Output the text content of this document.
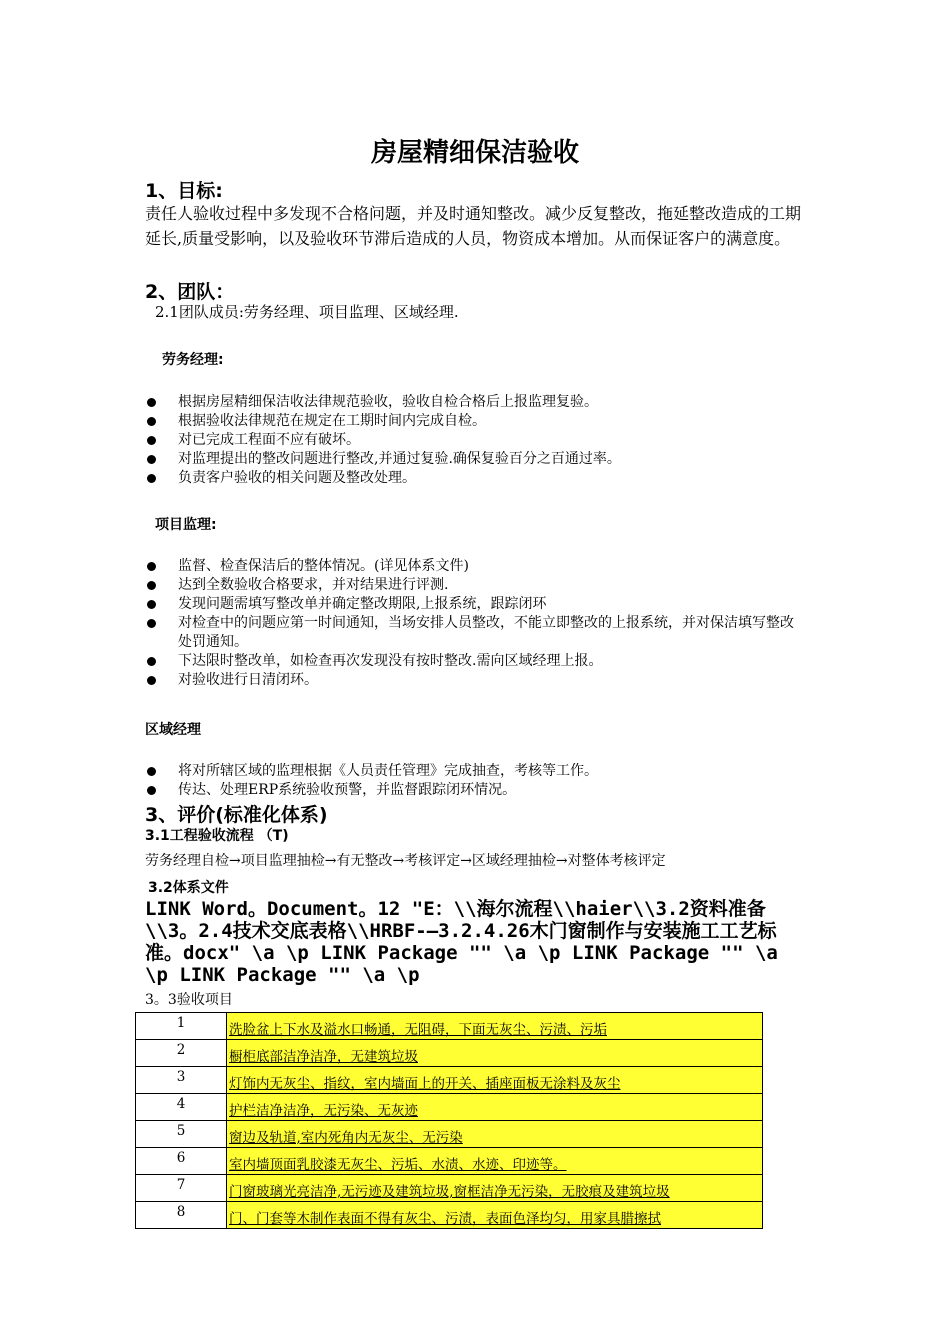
房屋精细保洁验收
1、目标:
责任人验收过程中多发现不合格问题，并及时通知整改。减少反复整改，拖延整改造成的工期延长,质量受影响，以及验收环节滞后造成的人员，物资成本增加。从而保证客户的满意度。
2、团队：
2.1团队成员:劳务经理、项目监理、区域经理.
劳务经理:
根据房屋精细保洁收法律规范验收，验收自检合格后上报监理复验。
根据验收法律规范在规定在工期时间内完成自检。
对已完成工程面不应有破坏。
对监理提出的整改问题进行整改,并通过复验.确保复验百分之百通过率。
负责客户验收的相关问题及整改处理。
项目监理:
监督、检查保洁后的整体情况。(详见体系文件)
达到全数验收合格要求，并对结果进行评测.
发现问题需填写整改单并确定整改期限,上报系统，跟踪闭环
对检查中的问题应第一时间通知，当场安排人员整改，不能立即整改的上报系统，并对保洁填写整改处罚通知。
下达限时整改单，如检查再次发现没有按时整改.需向区域经理上报。
对验收进行日清闭环。
区域经理
将对所辖区域的监理根据《人员责任管理》完成抽查，考核等工作。
传达、处理ERP系统验收预警，并监督跟踪闭环情况。
3、评价(标准化体系)
3.1工程验收流程 （T)
劳务经理自检→项目监理抽检→有无整改→考核评定→区域经理抽检→对整体考核评定
3.2体系文件
LINK Word。Document。12 "E：\\海尔流程\\haier\\3.2资料准备\\3。2.4技术交底表格\\HRBF-—3.2.4.26木门窗制作与安装施工工艺标准。docx" \a \p LINK Package "" \a \p LINK Package "" \a \p LINK Package "" \a \p
3。3验收项目
1	洗脸盆上下水及溢水口畅通，无阻碍，下面无灰尘、污渍、污垢
2	橱柜底部洁净洁净，无建筑垃圾
3	灯饰内无灰尘、指纹，室内墙面上的开关、插座面板无涂料及灰尘
4	护栏洁净洁净，无污染、无灰迹
5	窗边及轨道,室内死角内无灰尘、无污染
6	室内墙顶面乳胶漆无灰尘、污垢、水渍、水迹、印迹等。
7	门窗玻璃光亮洁净,无污迹及建筑垃圾,窗框洁净无污染，无胶痕及建筑垃圾
8	门、门套等木制作表面不得有灰尘、污渍，表面色泽均匀，用家具腊擦拭
